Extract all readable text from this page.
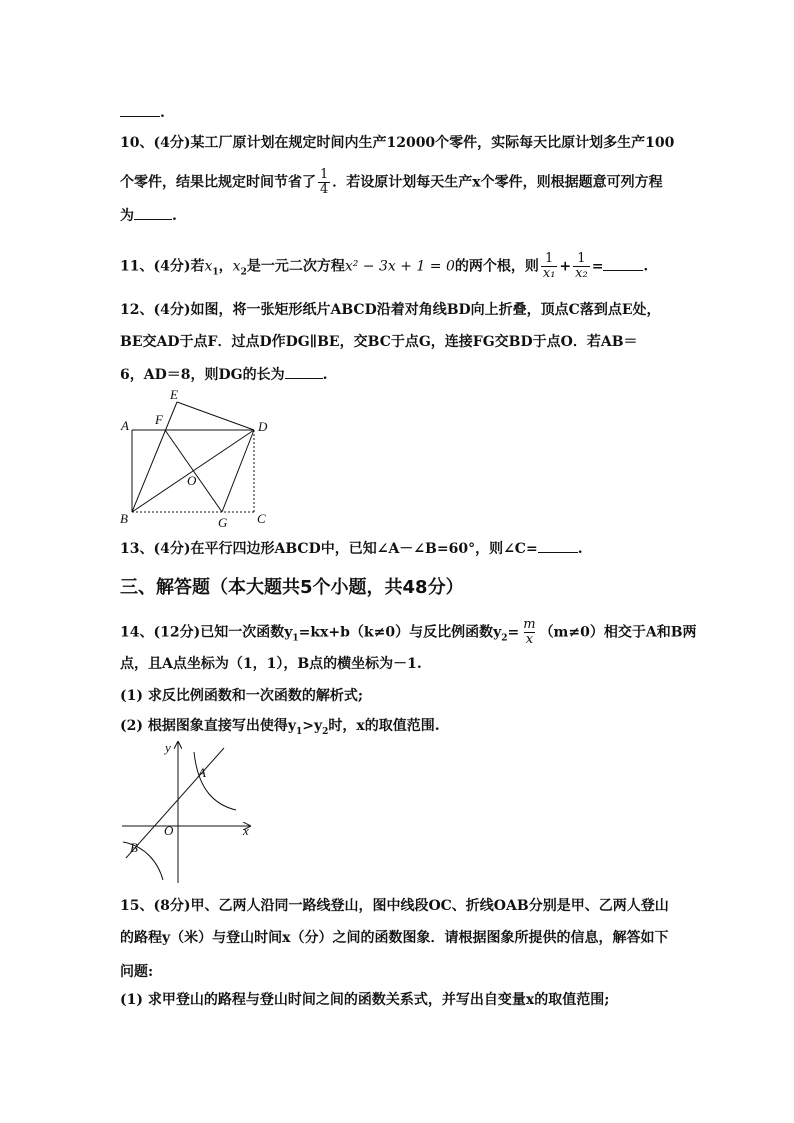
.
10、(4分)某工厂原计划在规定时间内生产12000个零件，实际每天比原计划多生产100
个零件，结果比规定时间节省了 $\frac{1}{4}$ ．若设原计划每天生产x个零件，则根据题意可列方程
为	.
11、(4分)若$x_1$，$x_2$是一元二次方程x² − 3x + 1 = 0的两个根，则 $\frac{1}{\text{x₁}} + \frac{1}{\text{x₂}}$ =	.
12、(4分)如图，将一张矩形纸片ABCD沿着对角线BD向上折叠，顶点C落到点E处，
BE交AD于点F．过点D作DG∥BE，交BC于点G，连接FG交BD于点O．若AB＝
6，AD＝8，则DG的长为	.
A
B	C
D
E
F
G
O
13、(4分)在平行四边形ABCD中，已知∠A－∠B=60°，则∠C=	.
三、解答题（本大题共5个小题，共48分）
14、(12分)已知一次函数$y_1=kx+b(k\ne 0)$与反比例函数$y_2= \frac{m}{x} (m\ne 0)$相交于A和B两
点，且A点坐标为（1，1），B点的横坐标为－1.
(1) 求反比例函数和一次函数的解析式;
(2) 根据图象直接写出使得$y_1>y_2$时，x的取值范围.
y
x
O
A
B
15、(8分)甲、乙两人沿同一路线登山，图中线段OC、折线OAB分别是甲、乙两人登山
的路程y（米）与登山时间x（分）之间的函数图象．请根据图象所提供的信息，解答如下
问题:
(1) 求甲登山的路程与登山时间之间的函数关系式，并写出自变量x的取值范围;
